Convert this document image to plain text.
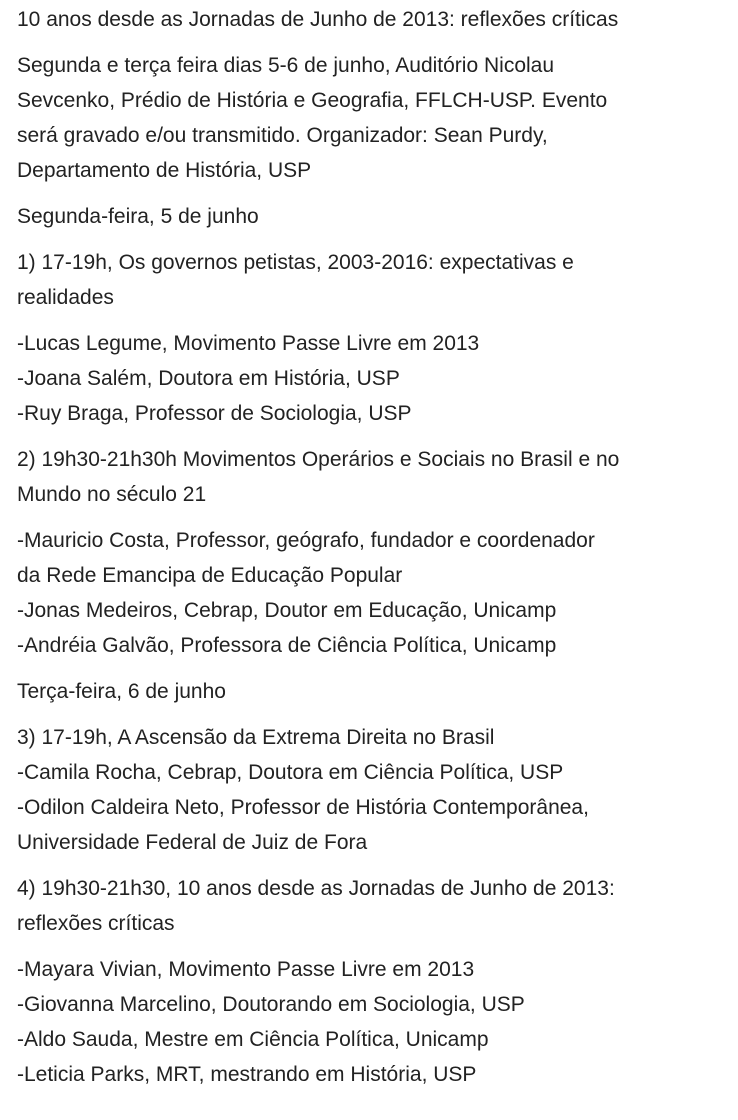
10 anos desde as Jornadas de Junho de 2013: reflexões críticas

Segunda e terça feira dias 5-6 de junho, Auditório Nicolau
Sevcenko, Prédio de História e Geografia, FFLCH-USP. Evento
será gravado e/ou transmitido. Organizador: Sean Purdy,
Departamento de História, USP

Segunda-feira, 5 de junho

1) 17-19h, Os governos petistas, 2003-2016: expectativas e
realidades

-Lucas Legume, Movimento Passe Livre em 2013
-Joana Salém, Doutora em História, USP
-Ruy Braga, Professor de Sociologia, USP

2) 19h30-21h30h Movimentos Operários e Sociais no Brasil e no
Mundo no século 21

-Mauricio Costa, Professor, geógrafo, fundador e coordenador
da Rede Emancipa de Educação Popular
-Jonas Medeiros, Cebrap, Doutor em Educação, Unicamp
-Andréia Galvão, Professora de Ciência Política, Unicamp

Terça-feira, 6 de junho

3) 17-19h, A Ascensão da Extrema Direita no Brasil
-Camila Rocha, Cebrap, Doutora em Ciência Política, USP
-Odilon Caldeira Neto, Professor de História Contemporânea,
Universidade Federal de Juiz de Fora

4) 19h30-21h30, 10 anos desde as Jornadas de Junho de 2013:
reflexões críticas

-Mayara Vivian, Movimento Passe Livre em 2013
-Giovanna Marcelino, Doutorando em Sociologia, USP
-Aldo Sauda, Mestre em Ciência Política, Unicamp
-Leticia Parks, MRT, mestrando em História, USP
